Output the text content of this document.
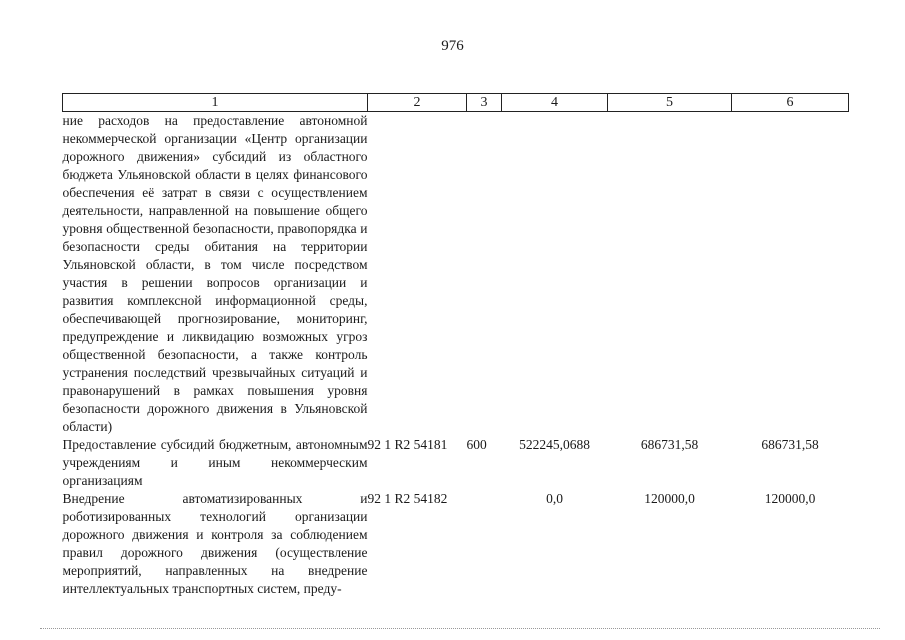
976
1	2	3	4	5	6
ние расходов на предоставление автономной некоммерческой организации «Центр организации дорожного движения» субсидий из областного бюджета Ульяновской области в целях финансового обеспечения её затрат в связи с осуществлением деятельности, направленной на повышение общего уровня общественной безопасности, правопорядка и безопасности среды обитания на территории Ульяновской области, в том числе посредством участия в решении вопросов организации и развития комплексной информационной среды, обеспечивающей прогнозирование, мониторинг, предупреждение и ликвидацию возможных угроз общественной безопасности, а также контроль устранения последствий чрезвычайных ситуаций и правонарушений в рамках повышения уровня безопасности дорожного движения в Ульяновской области)					
Предоставление субсидий бюджетным, автономным учреждениям и иным некоммерческим организациям	92 1 R2 54181	600	522245,0688	686731,58	686731,58
Внедрение автоматизированных и роботизированных технологий организации дорожного движения и контроля за соблюдением правил дорожного движения (осуществление мероприятий, направленных на внедрение интеллектуальных транспортных систем, преду-	92 1 R2 54182		0,0	120000,0	120000,0
